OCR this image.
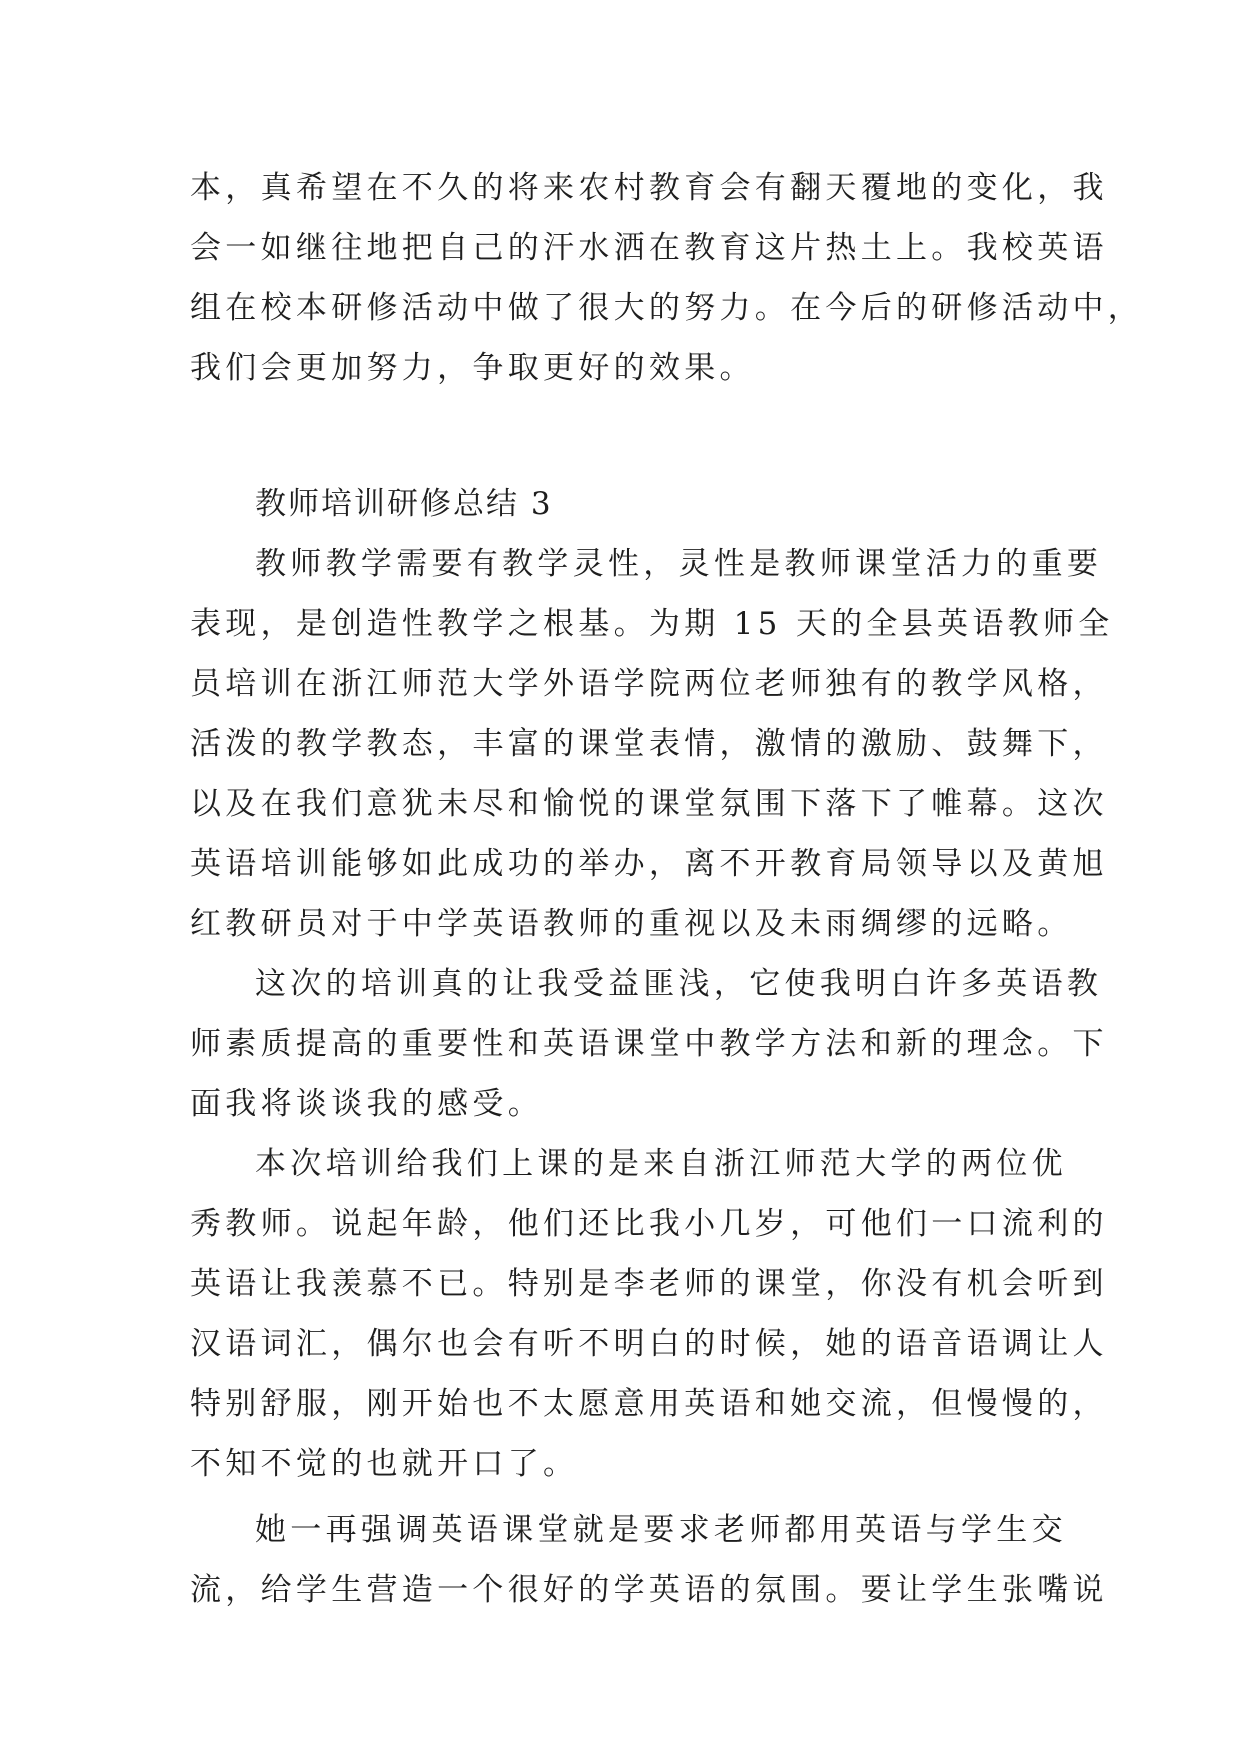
本，真希望在不久的将来农村教育会有翻天覆地的变化，我
会一如继往地把自己的汗水洒在教育这片热土上。我校英语
组在校本研修活动中做了很大的努力。在今后的研修活动中，
我们会更加努力，争取更好的效果。
教师培训研修总结 3
教师教学需要有教学灵性，灵性是教师课堂活力的重要
表现，是创造性教学之根基。为期 15 天的全县英语教师全
员培训在浙江师范大学外语学院两位老师独有的教学风格，
活泼的教学教态，丰富的课堂表情，激情的激励、鼓舞下，
以及在我们意犹未尽和愉悦的课堂氛围下落下了帷幕。这次
英语培训能够如此成功的举办，离不开教育局领导以及黄旭
红教研员对于中学英语教师的重视以及未雨绸缪的远略。
这次的培训真的让我受益匪浅，它使我明白许多英语教
师素质提高的重要性和英语课堂中教学方法和新的理念。下
面我将谈谈我的感受。
本次培训给我们上课的是来自浙江师范大学的两位优
秀教师。说起年龄，他们还比我小几岁，可他们一口流利的
英语让我羡慕不已。特别是李老师的课堂，你没有机会听到
汉语词汇，偶尔也会有听不明白的时候，她的语音语调让人
特别舒服，刚开始也不太愿意用英语和她交流，但慢慢的，
不知不觉的也就开口了。
她一再强调英语课堂就是要求老师都用英语与学生交
流，给学生营造一个很好的学英语的氛围。要让学生张嘴说
